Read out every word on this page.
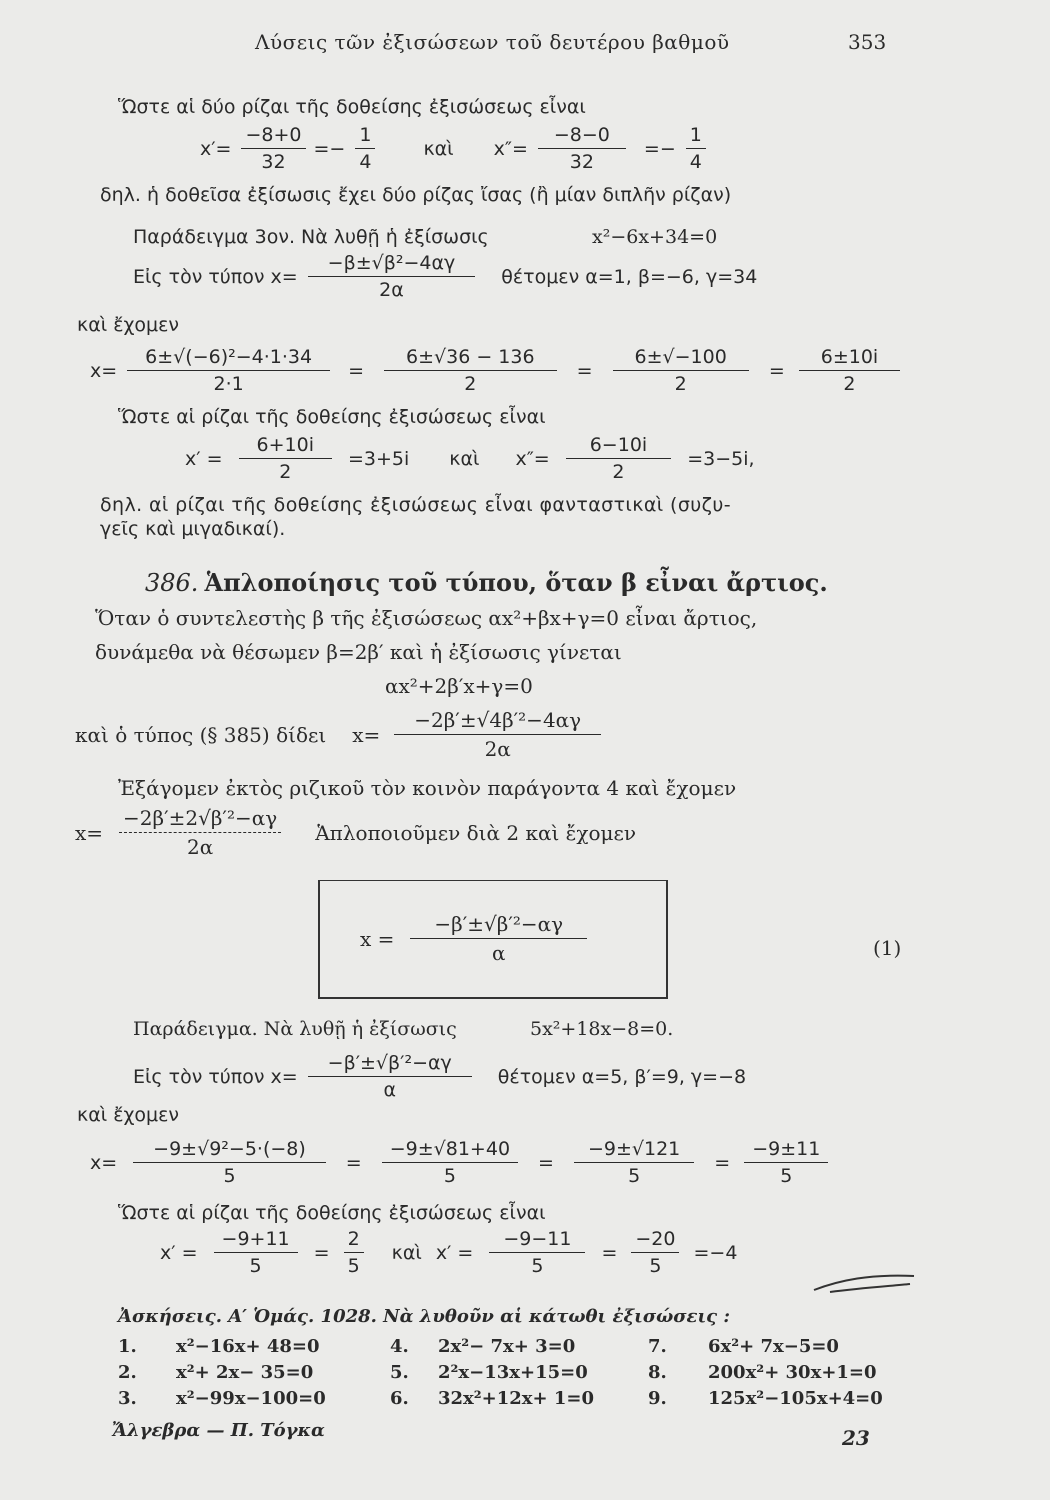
Λύσεις τῶν ἐξισώσεων τοῦ δευτέρου βαθμοῦ	353
Ὥστε αἱ δύο ρίζαι τῆς δοθείσης ἐξισώσεως εἶναι
$x'= \frac{-8+0}{32} =- \frac{1}{4}$ καὶ $x''= \frac{-8-0}{32} =- \frac{1}{4}$
δηλ. ἡ δοθεῖσα ἐξίσωσις ἔχει δύο ρίζας ἴσας (ἢ μίαν διπλῆν ρίζαν)
Παράδειγμα 3ον. Νὰ λυθῇ ἡ ἐξίσωσις	x²−6x+34=0
Εἰς τὸν τύπον $x= \frac{\text{−β±√β²−4αγ}}{2\alpha}$ θέτομεν α=1, β=−6, γ=34
καὶ ἔχομεν
$x= \frac{\text{6±√(−6)²−4·1·34}}{2\cdot 1} = \frac{6\pm√36 - 136}{2} = \frac{6\pm√-100}{2} = \frac{6\pm 10i}{2}$
Ὥστε αἱ ρίζαι τῆς δοθείσης ἐξισώσεως εἶναι
$x' = \frac{6+10i}{2} =3+5i$ καὶ $x''= \frac{6-10i}{2} =3-5i$,
δηλ. αἱ ρίζαι τῆς δοθείσης ἐξισώσεως εἶναι φανταστικαὶ (συζυ-
γεῖς καὶ μιγαδικαί).
386. Ἁπλοποίησις τοῦ τύπου, ὅταν β εἶναι ἄρτιος.
Ὅταν ὁ συντελεστὴς β τῆς ἐξισώσεως αx²+βx+γ=0 εἶναι ἄρτιος,
δυνάμεθα νὰ θέσωμεν β=2β′ καὶ ἡ ἐξίσωσις γίνεται
αx²+2β′x+γ=0
καὶ ὁ τύπος (§ 385) δίδει $x= \frac{\text{−2β′±√4β′²−4αγ}}{2\alpha}$
Ἐξάγομεν ἐκτὸς ριζικοῦ τὸν κοινὸν παράγοντα 4 καὶ ἔχομεν
$x= \frac{\text{−2β′±2√β′²−αγ}}{2\alpha}$ Ἁπλοποιοῦμεν διὰ 2 καὶ ἔχομεν
$x = \frac{\text{−β′±√β′²−αγ}}{\alpha}$	(1)
Παράδειγμα. Νὰ λυθῇ ἡ ἐξίσωσις	5x²+18x−8=0.
Εἰς τὸν τύπον $x= \frac{\text{−β′±√β′²−αγ}}{\alpha}$ θέτομεν α=5, β′=9, γ=−8
καὶ ἔχομεν
$x= \frac{\text{−9±√9²−5·(−8)}}{5} = \frac{-9\pm√81+40}{5} = \frac{-9\pm√121}{5} = \frac{-9\pm 11}{5}$
Ὥστε αἱ ρίζαι τῆς δοθείσης ἐξισώσεως εἶναι
$x' = \frac{-9+11}{5} = \frac{2}{5}$ καὶ $x' = \frac{-9-11}{5} = \frac{-20}{5} =-4$
Ἀσκήσεις. Α′ Ὁμάς. 1028. Νὰ λυθοῦν αἱ κάτωθι ἐξισώσεις :
1. x²−16x+ 48=0	4. 2x²− 7x+ 3=0	7. 6x²+ 7x−5=0
2. x²+ 2x− 35=0	5. 2²x−13x+15=0	8. 200x²+ 30x+1=0
3. x²−99x−100=0	6. 32x²+12x+ 1=0	9. 125x²−105x+4=0
Ἄλγεβρα — Π. Τόγκα	23
